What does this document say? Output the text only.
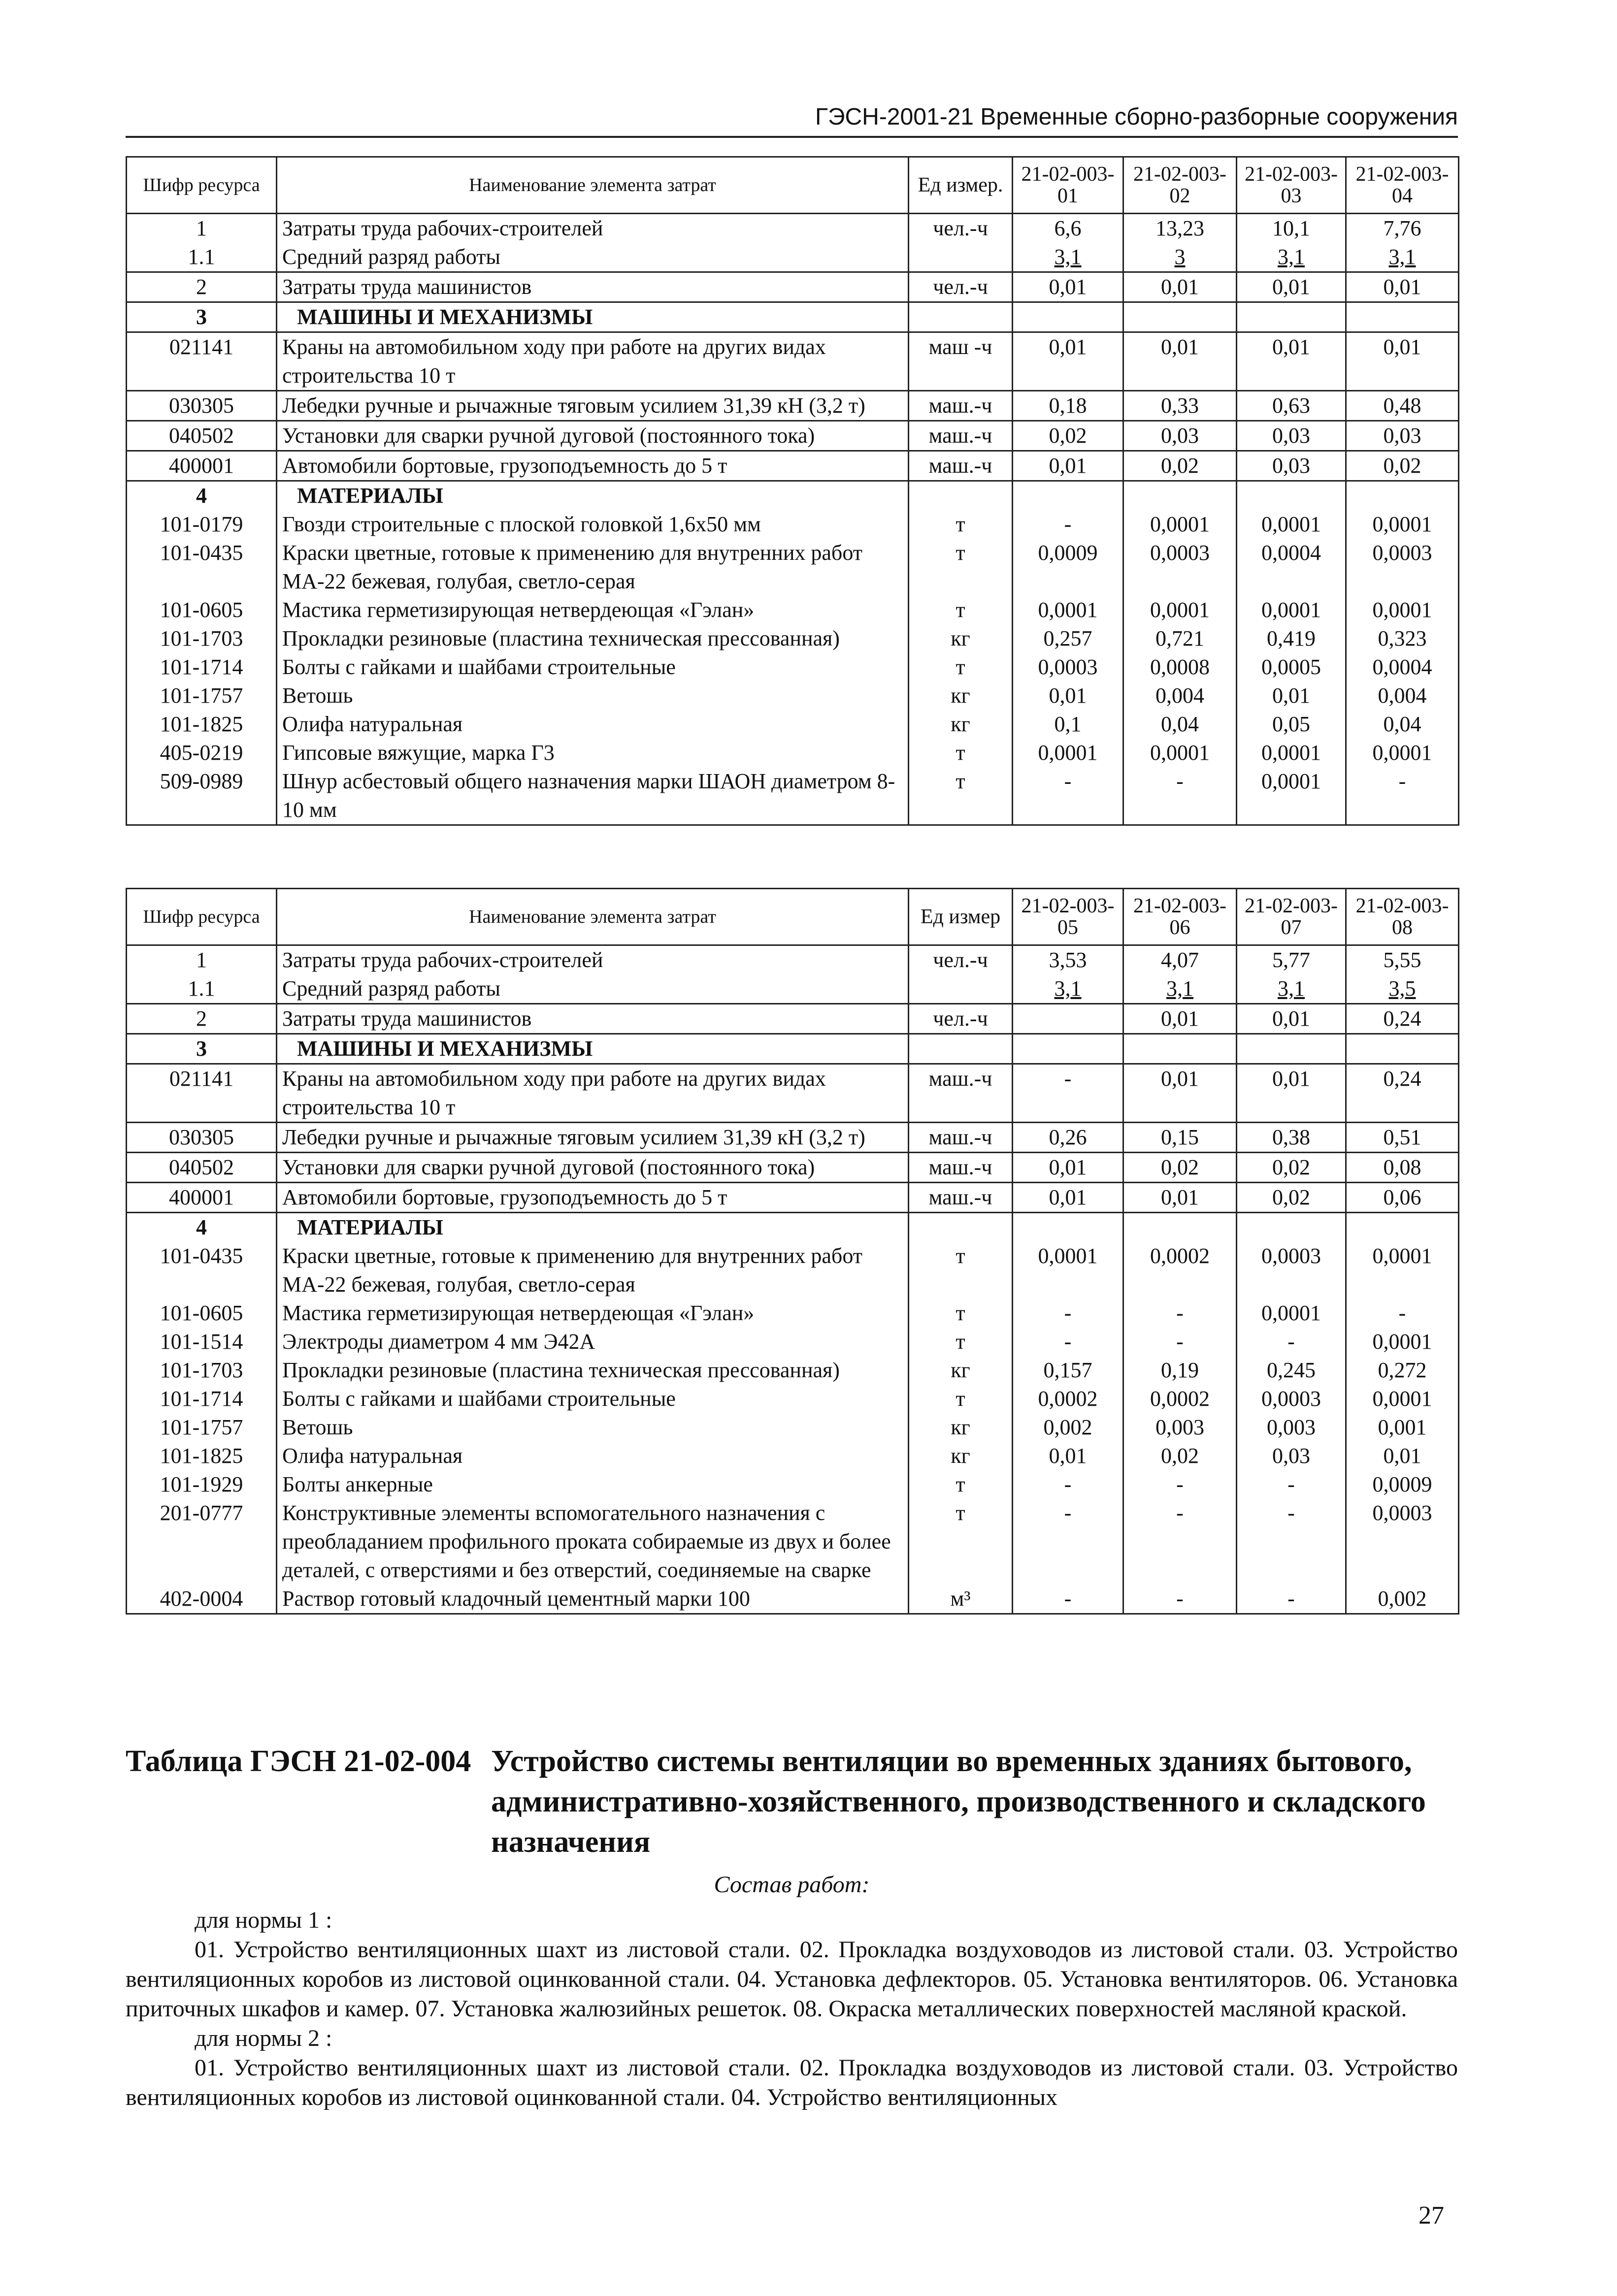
ГЭСН-2001-21 Временные сборно-разборные сооружения
Шифр ресурса	Наименование элемента затрат	Ед измер.	21-02-003-01	21-02-003-02	21-02-003-03	21-02-003-04
1	Затраты труда рабочих-строителей	чел.-ч	6,6	13,23	10,1	7,76
1.1	Средний разряд работы		3,1	3	3,1	3,1
2	Затраты труда машинистов	чел.-ч	0,01	0,01	0,01	0,01
3	МАШИНЫ И МЕХАНИЗМЫ					
021141	Краны на автомобильном ходу при работе на других видах строительства 10 т	маш -ч	0,01	0,01	0,01	0,01
030305	Лебедки ручные и рычажные тяговым усилием 31,39 кН (3,2 т)	маш.-ч	0,18	0,33	0,63	0,48
040502	Установки для сварки ручной дуговой (постоянного тока)	маш.-ч	0,02	0,03	0,03	0,03
400001	Автомобили бортовые, грузоподъемность до 5 т	маш.-ч	0,01	0,02	0,03	0,02
4	МАТЕРИАЛЫ					
101-0179	Гвозди строительные с плоской головкой 1,6х50 мм	т	-	0,0001	0,0001	0,0001
101-0435	Краски цветные, готовые к применению для внутренних работ МА-22 бежевая, голубая, светло-серая	т	0,0009	0,0003	0,0004	0,0003
101-0605	Мастика герметизирующая нетвердеющая «Гэлан»	т	0,0001	0,0001	0,0001	0,0001
101-1703	Прокладки резиновые (пластина техническая прессованная)	кг	0,257	0,721	0,419	0,323
101-1714	Болты с гайками и шайбами строительные	т	0,0003	0,0008	0,0005	0,0004
101-1757	Ветошь	кг	0,01	0,004	0,01	0,004
101-1825	Олифа натуральная	кг	0,1	0,04	0,05	0,04
405-0219	Гипсовые вяжущие, марка Г3	т	0,0001	0,0001	0,0001	0,0001
509-0989	Шнур асбестовый общего назначения марки ШАОН диаметром 8-10 мм	т	-	-	0,0001	-
Шифр ресурса	Наименование элемента затрат	Ед измер	21-02-003-05	21-02-003-06	21-02-003-07	21-02-003-08
1	Затраты труда рабочих-строителей	чел.-ч	3,53	4,07	5,77	5,55
1.1	Средний разряд работы		3,1	3,1	3,1	3,5
2	Затраты труда машинистов	чел.-ч		0,01	0,01	0,24
3	МАШИНЫ И МЕХАНИЗМЫ					
021141	Краны на автомобильном ходу при работе на других видах строительства 10 т	маш.-ч	-	0,01	0,01	0,24
030305	Лебедки ручные и рычажные тяговым усилием 31,39 кН (3,2 т)	маш.-ч	0,26	0,15	0,38	0,51
040502	Установки для сварки ручной дуговой (постоянного тока)	маш.-ч	0,01	0,02	0,02	0,08
400001	Автомобили бортовые, грузоподъемность до 5 т	маш.-ч	0,01	0,01	0,02	0,06
4	МАТЕРИАЛЫ					
101-0435	Краски цветные, готовые к применению для внутренних работ МА-22 бежевая, голубая, светло-серая	т	0,0001	0,0002	0,0003	0,0001
101-0605	Мастика герметизирующая нетвердеющая «Гэлан»	т	-	-	0,0001	-
101-1514	Электроды диаметром 4 мм Э42А	т	-	-	-	0,0001
101-1703	Прокладки резиновые (пластина техническая прессованная)	кг	0,157	0,19	0,245	0,272
101-1714	Болты с гайками и шайбами строительные	т	0,0002	0,0002	0,0003	0,0001
101-1757	Ветошь	кг	0,002	0,003	0,003	0,001
101-1825	Олифа натуральная	кг	0,01	0,02	0,03	0,01
101-1929	Болты анкерные	т	-	-	-	0,0009
201-0777	Конструктивные элементы вспомогательного назначения с преобладанием профильного проката собираемые из двух и более деталей, с отверстиями и без отверстий, соединяемые на сварке	т	-	-	-	0,0003
402-0004	Раствор готовый кладочный цементный марки 100	м³	-	-	-	0,002
Таблица ГЭСН 21-02-004 Устройство системы вентиляции во временных зданиях бытового, административно-хозяйственного, производственного и складского назначения
Состав работ:

для нормы 1 :

01. Устройство вентиляционных шахт из листовой стали. 02. Прокладка воздуховодов из листовой стали. 03. Устройство вентиляционных коробов из листовой оцинкованной стали. 04. Установка дефлекторов. 05. Установка вентиляторов. 06. Установка приточных шкафов и камер. 07. Установка жалюзийных решеток. 08. Окраска металлических поверхностей масляной краской.

для нормы 2 :

01. Устройство вентиляционных шахт из листовой стали. 02. Прокладка воздуховодов из листовой стали. 03. Устройство вентиляционных коробов из листовой оцинкованной стали. 04. Устройство вентиляционных

27
